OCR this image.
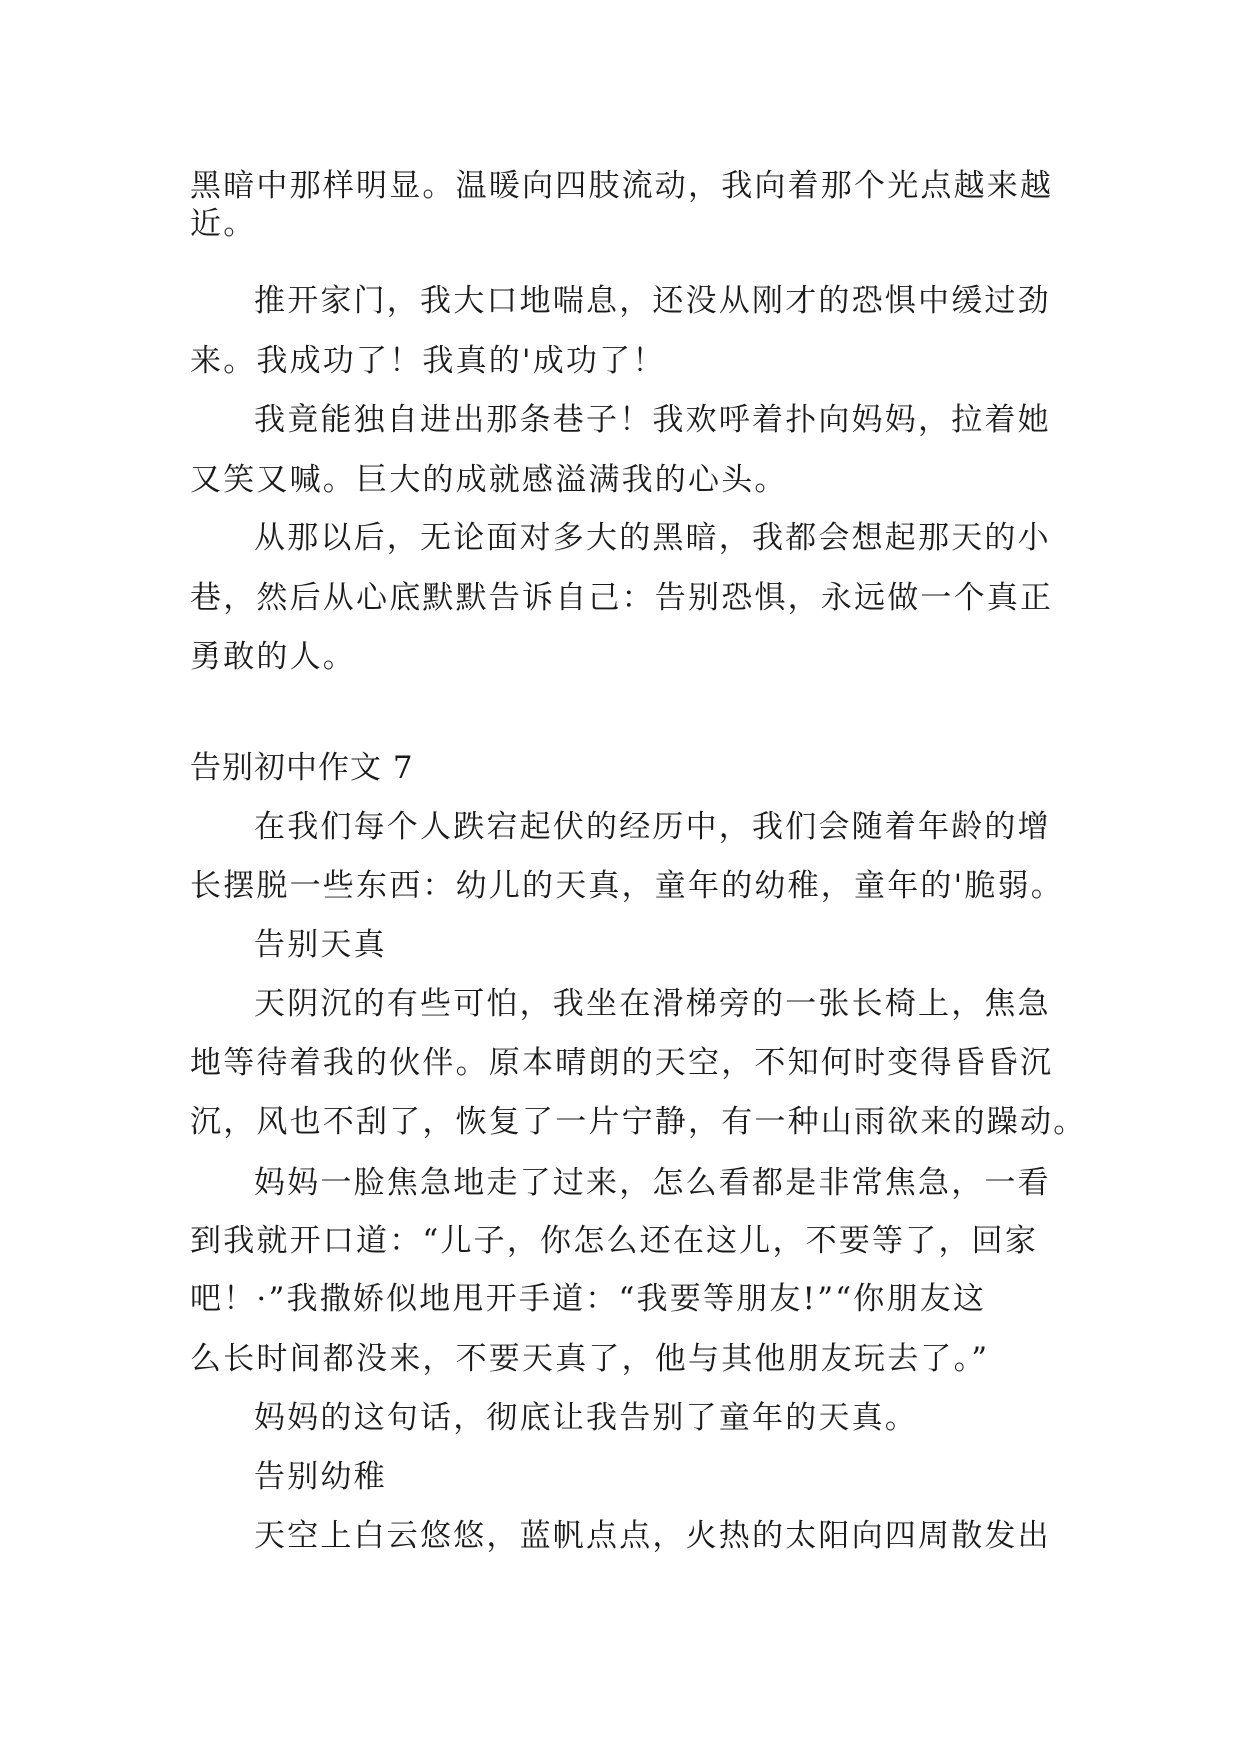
黑暗中那样明显。温暖向四肢流动，我向着那个光点越来越
近。
推开家门，我大口地喘息，还没从刚才的恐惧中缓过劲
来。我成功了！我真的'成功了！
我竟能独自进出那条巷子！我欢呼着扑向妈妈，拉着她
又笑又喊。巨大的成就感溢满我的心头。
从那以后，无论面对多大的黑暗，我都会想起那天的小
巷，然后从心底默默告诉自己：告别恐惧，永远做一个真正
勇敢的人。
告别初中作文 7
在我们每个人跌宕起伏的经历中，我们会随着年龄的增
长摆脱一些东西：幼儿的天真，童年的幼稚，童年的'脆弱。
告别天真
天阴沉的有些可怕，我坐在滑梯旁的一张长椅上，焦急
地等待着我的伙伴。原本晴朗的天空，不知何时变得昏昏沉
沉，风也不刮了，恢复了一片宁静，有一种山雨欲来的躁动。
妈妈一脸焦急地走了过来，怎么看都是非常焦急，一看
到我就开口道：“儿子，你怎么还在这儿，不要等了，回家
吧！·”我撒娇似地甩开手道：“我要等朋友!”“你朋友这
么长时间都没来，不要天真了，他与其他朋友玩去了。”
妈妈的这句话，彻底让我告别了童年的天真。
告别幼稚
天空上白云悠悠，蓝帆点点，火热的太阳向四周散发出
